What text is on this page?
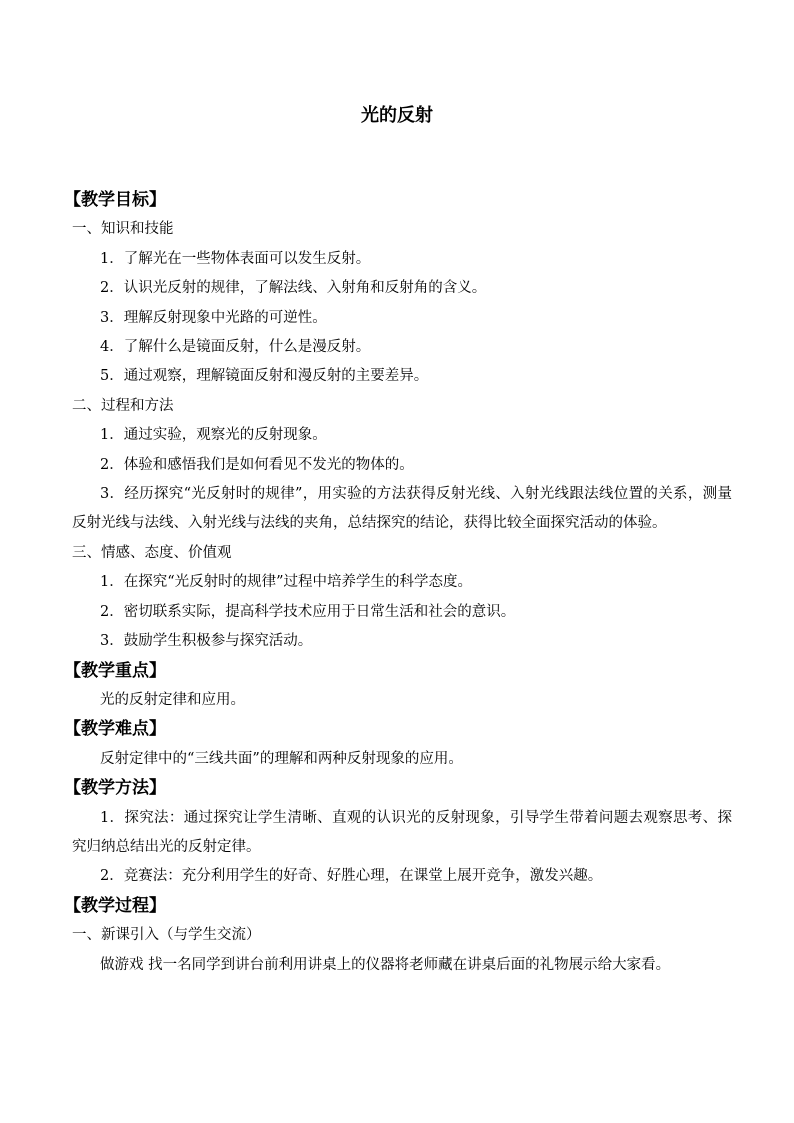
光的反射
【教学目标】
一、知识和技能
1．了解光在一些物体表面可以发生反射。
2．认识光反射的规律，了解法线、入射角和反射角的含义。
3．理解反射现象中光路的可逆性。
4．了解什么是镜面反射，什么是漫反射。
5．通过观察，理解镜面反射和漫反射的主要差异。
二、过程和方法
1．通过实验，观察光的反射现象。
2．体验和感悟我们是如何看见不发光的物体的。
3．经历探究“光反射时的规律”，用实验的方法获得反射光线、入射光线跟法线位置的关系，测量反射光线与法线、入射光线与法线的夹角，总结探究的结论，获得比较全面探究活动的体验。
三、情感、态度、价值观
1．在探究“光反射时的规律”过程中培养学生的科学态度。
2．密切联系实际，提高科学技术应用于日常生活和社会的意识。
3．鼓励学生积极参与探究活动。
【教学重点】
光的反射定律和应用。
【教学难点】
反射定律中的“三线共面”的理解和两种反射现象的应用。
【教学方法】
1．探究法：通过探究让学生清晰、直观的认识光的反射现象，引导学生带着问题去观察思考、探究归纳总结出光的反射定律。
2．竞赛法：充分利用学生的好奇、好胜心理，在课堂上展开竞争，激发兴趣。
【教学过程】
一、新课引入（与学生交流）
做游戏 找一名同学到讲台前利用讲桌上的仪器将老师藏在讲桌后面的礼物展示给大家看。
